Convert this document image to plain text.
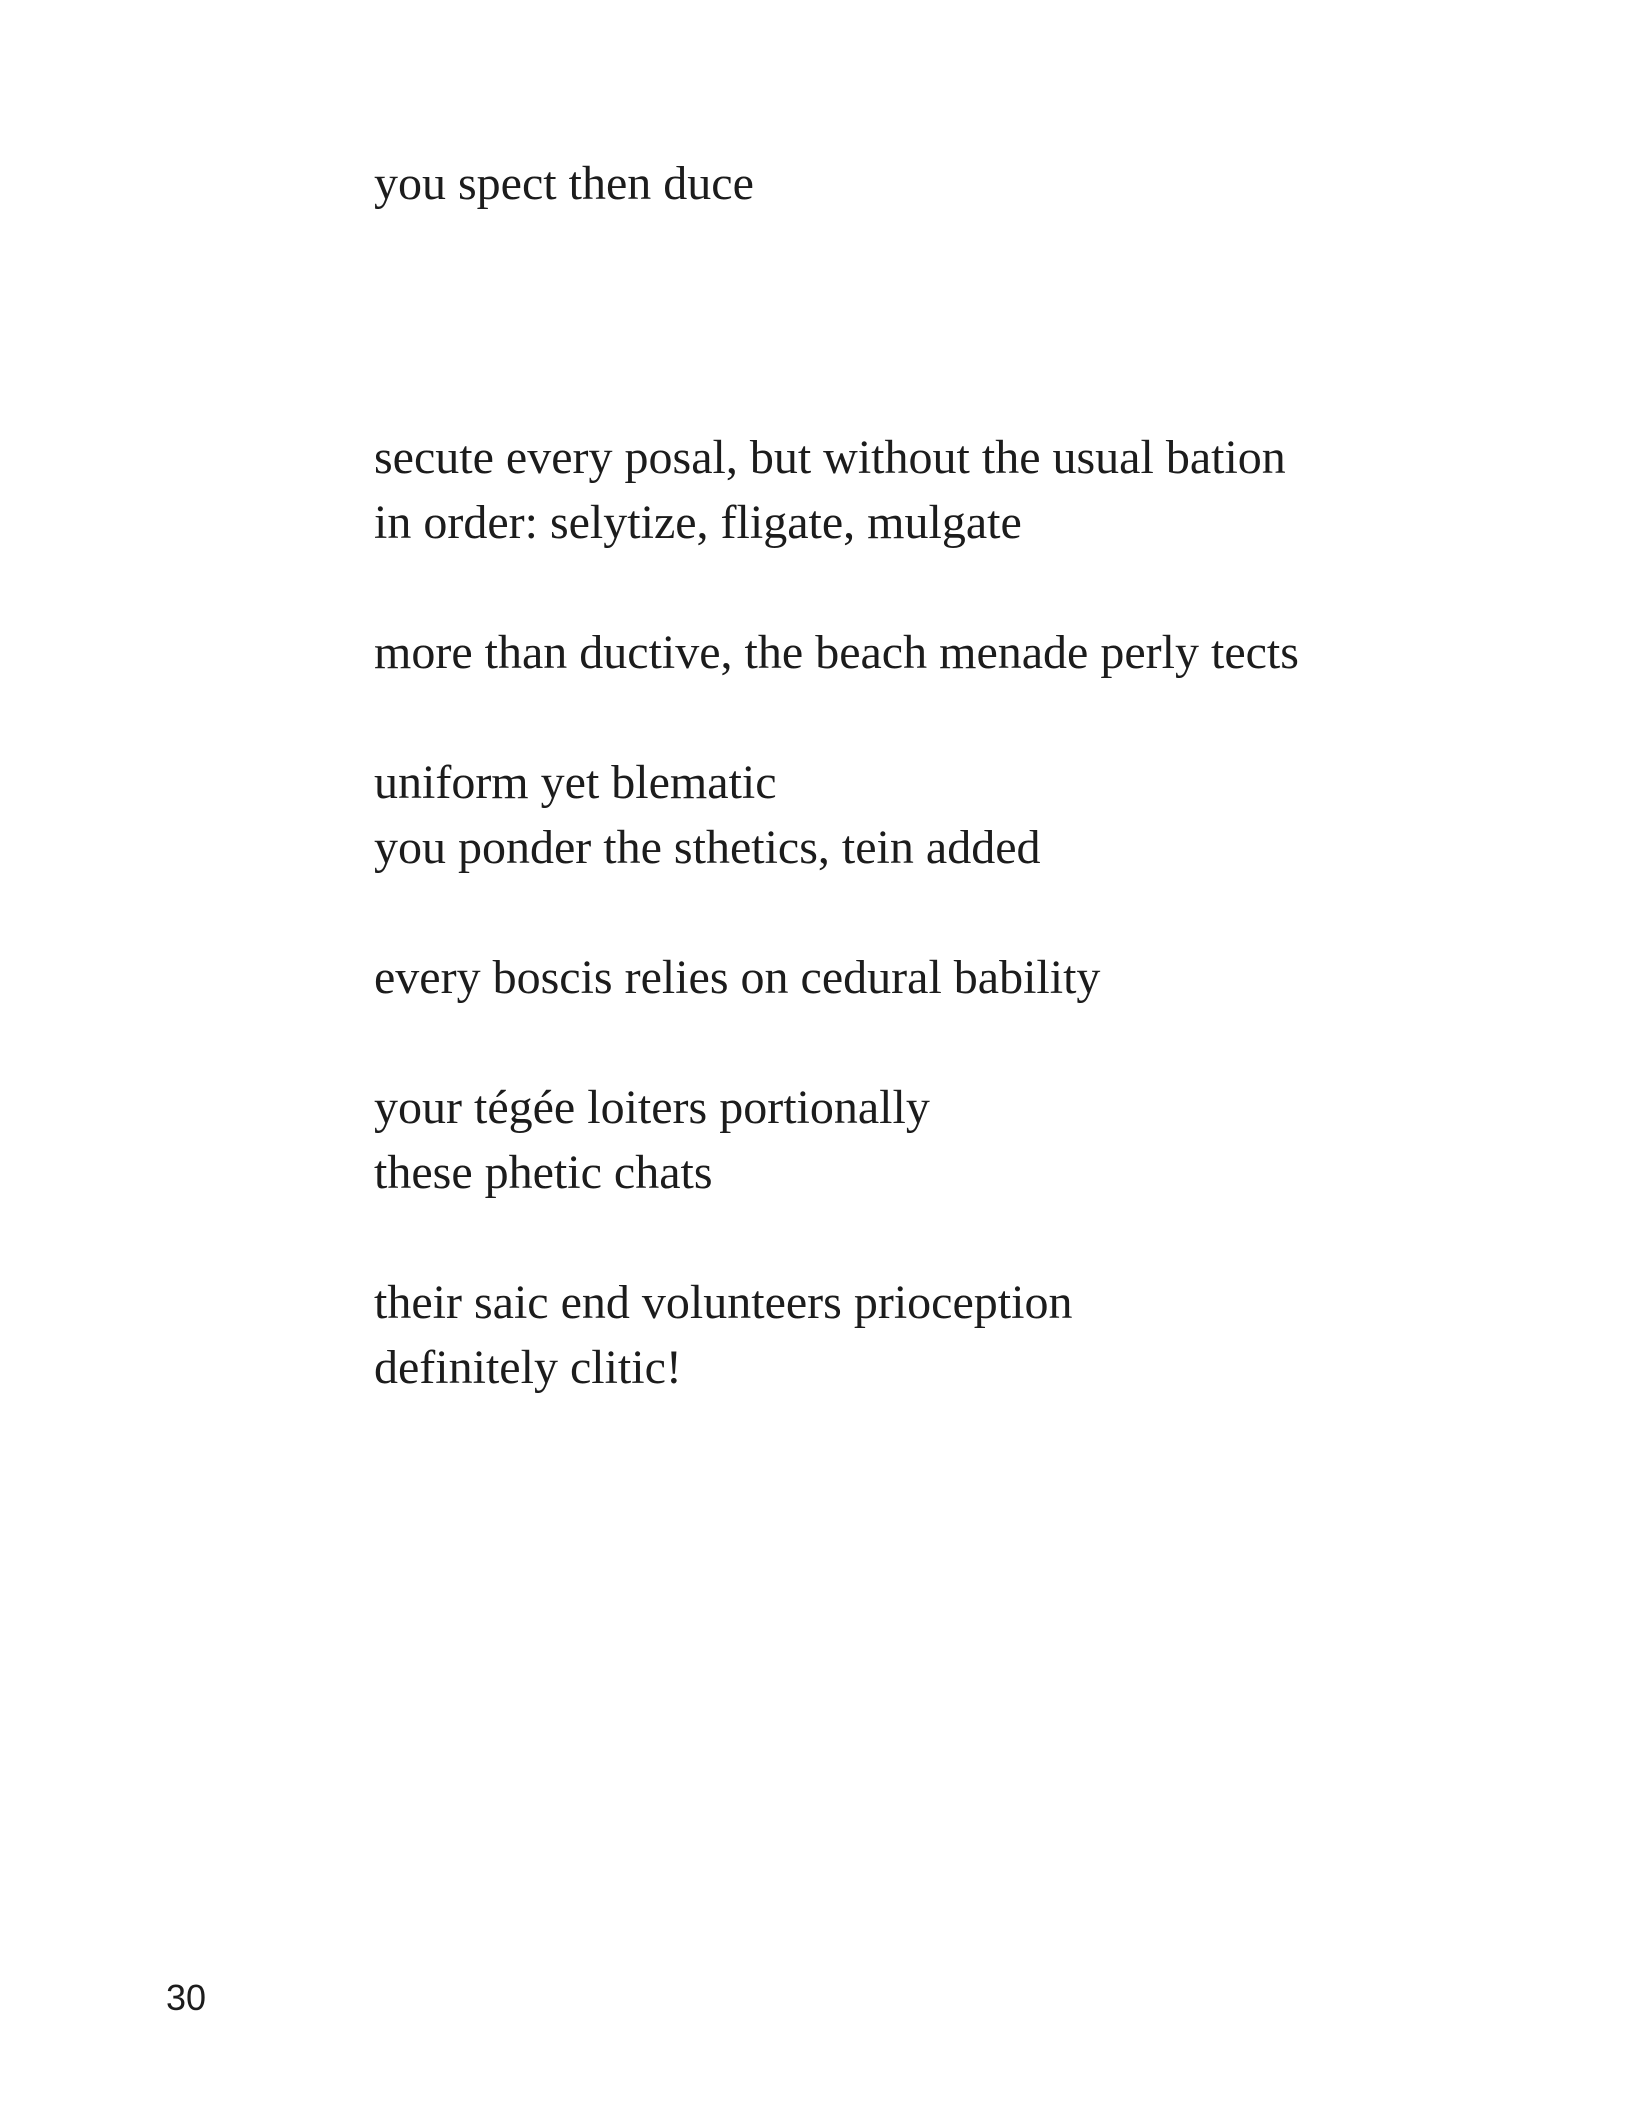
you spect then duce

secute every posal, but without the usual bation
in order: selytize, fligate, mulgate

more than ductive, the beach menade perly tects

uniform yet blematic
you ponder the sthetics, tein added

every boscis relies on cedural bability

your tégée loiters portionally
these phetic chats

their saic end volunteers prioception
definitely clitic!

30
